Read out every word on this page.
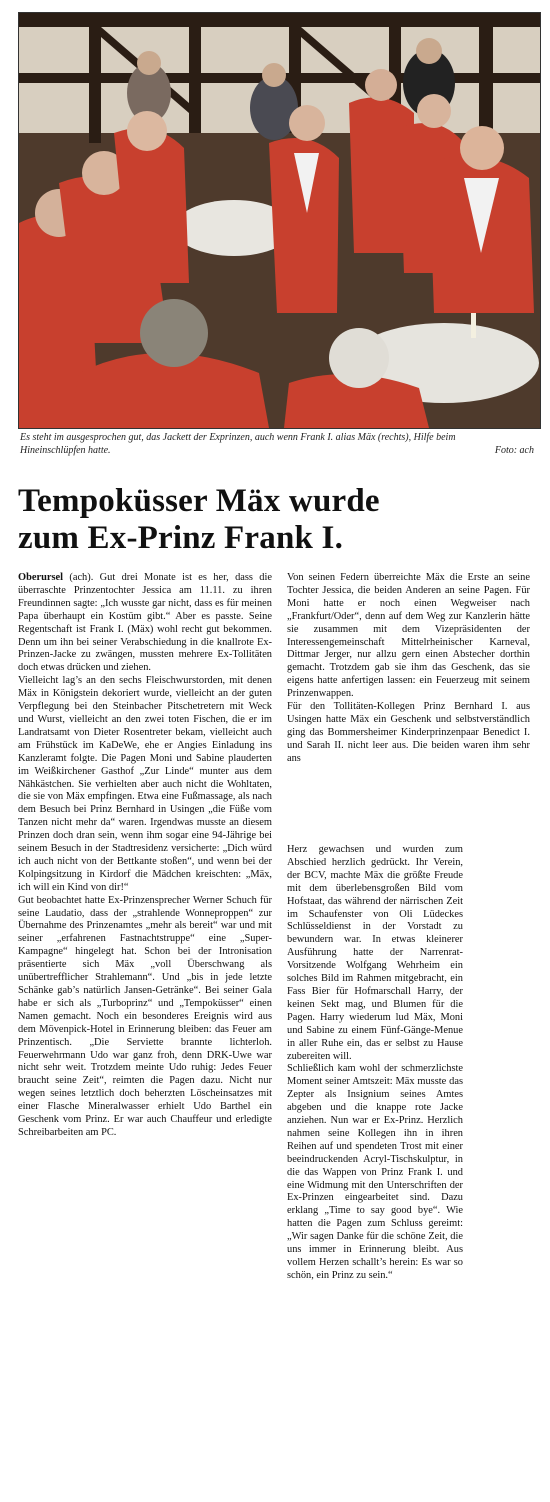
Es steht im ausgesprochen gut, das Jackett der Exprinzen, auch wenn Frank I. alias Mäx (rechts), Hilfe beim Hineinschlüpfen hatte.	Foto: ach
Tempoküsser Mäx wurde
zum Ex-Prinz Frank I.

Oberursel (ach). Gut drei Monate ist es her, dass die überraschte Prinzentochter Jessica am 11.11. zu ihren Freundinnen sagte: „Ich wusste gar nicht, dass es für meinen Papa überhaupt ein Kostüm gibt.“ Aber es passte. Seine Regentschaft ist Frank I. (Mäx) wohl recht gut bekommen. Denn um ihn bei seiner Verabschiedung in die knallrote Ex-Prinzen-Jacke zu zwängen, mussten mehrere Ex-Tollitäten doch etwas drücken und ziehen.

Vielleicht lag’s an den sechs Fleischwurstorden, mit denen Mäx in Königstein dekoriert wurde, vielleicht an der guten Verpflegung bei den Steinbacher Pitschetretern mit Weck und Wurst, vielleicht an den zwei toten Fischen, die er im Landratsamt von Dieter Rosentreter bekam, vielleicht auch am Frühstück im KaDeWe, ehe er Angies Einladung ins Kanzleramt folgte. Die Pagen Moni und Sabine plauderten im Weißkirchener Gasthof „Zur Linde“ munter aus dem Nähkästchen. Sie verhielten aber auch nicht die Wohltaten, die sie von Mäx empfingen. Etwa eine Fußmassage, als nach dem Besuch bei Prinz Bernhard in Usingen „die Füße vom Tanzen nicht mehr da“ waren. Irgendwas musste an diesem Prinzen doch dran sein, wenn ihm sogar eine 94-Jährige bei seinem Besuch in der Stadtresidenz versicherte: „Dich würd ich auch nicht von der Bettkante stoßen“, und wenn bei der Kolpingsitzung in Kirdorf die Mädchen kreischten: „Mäx, ich will ein Kind von dir!“

Gut beobachtet hatte Ex-Prinzensprecher Werner Schuch für seine Laudatio, dass der „strahlende Wonneproppen“ zur Übernahme des Prinzenamtes „mehr als bereit“ war und mit seiner „erfahrenen Fastnachtstruppe“ eine „Super-Kampagne“ hingelegt hat. Schon bei der Intronisation präsentierte sich Mäx „voll Überschwang als unübertrefflicher Strahlemann“. Und „bis in jede letzte Schänke gab’s natürlich Jansen-Getränke“. Bei seiner Gala habe er sich als „Turboprinz“ und „Tempoküsser“ einen Namen gemacht. Noch ein besonderes Ereignis wird aus dem Mövenpick-Hotel in Erinnerung bleiben: das Feuer am Prinzentisch. „Die Serviette brannte lichterloh. Feuerwehrmann Udo war ganz froh, denn DRK-Uwe war nicht sehr weit. Trotzdem meinte Udo ruhig: Jedes Feuer braucht seine Zeit“, reimten die Pagen dazu. Nicht nur wegen seines letztlich doch beherzten Löscheinsatzes mit einer Flasche Mineralwasser erhielt Udo Barthel ein Geschenk vom Prinz. Er war auch Chauffeur und erledigte Schreibarbeiten am PC.

Von seinen Federn überreichte Mäx die Erste an seine Tochter Jessica, die beiden Anderen an seine Pagen. Für Moni hatte er noch einen Wegweiser nach „Frankfurt/Oder“, denn auf dem Weg zur Kanzlerin hätte sie zusammen mit dem Vizepräsidenten der Interessengemeinschaft Mittelrheinischer Karneval, Dittmar Jerger, nur allzu gern einen Abstecher dorthin gemacht. Trotzdem gab sie ihm das Geschenk, das sie eigens hatte anfertigen lassen: ein Feuerzeug mit seinem Prinzenwappen.

Für den Tollitäten-Kollegen Prinz Bernhard I. aus Usingen hatte Mäx ein Geschenk und selbstverständlich ging das Bommersheimer Kinderprinzenpaar Benedict I. und Sarah II. nicht leer aus. Die beiden waren ihm sehr ans

Herz gewachsen und wurden zum Abschied herzlich gedrückt. Ihr Verein, der BCV, machte Mäx die größte Freude mit dem überlebensgroßen Bild vom Hofstaat, das während der närrischen Zeit im Schaufenster von Oli Lüdeckes Schlüsseldienst in der Vorstadt zu bewundern war. In etwas kleinerer Ausführung hatte der Narrenrat-Vorsitzende Wolfgang Wehrheim ein solches Bild im Rahmen mitgebracht, ein Fass Bier für Hofmarschall Harry, der keinen Sekt mag, und Blumen für die Pagen. Harry wiederum lud Mäx, Moni und Sabine zu einem Fünf-Gänge-Menue in aller Ruhe ein, das er selbst zu Hause zubereiten will.

Schließlich kam wohl der schmerzlichste Moment seiner Amtszeit: Mäx musste das Zepter als Insignium seines Amtes abgeben und die knappe rote Jacke anziehen. Nun war er Ex-Prinz. Herzlich nahmen seine Kollegen ihn in ihren Reihen auf und spendeten Trost mit einer beeindruckenden Acryl-Tischskulptur, in die das Wappen von Prinz Frank I. und eine Widmung mit den Unterschriften der Ex-Prinzen eingearbeitet sind. Dazu erklang „Time to say good bye“. Wie hatten die Pagen zum Schluss gereimt: „Wir sagen Danke für die schöne Zeit, die uns immer in Erinnerung bleibt. Aus vollem Herzen schallt’s herein: Es war so schön, ein Prinz zu sein.“
